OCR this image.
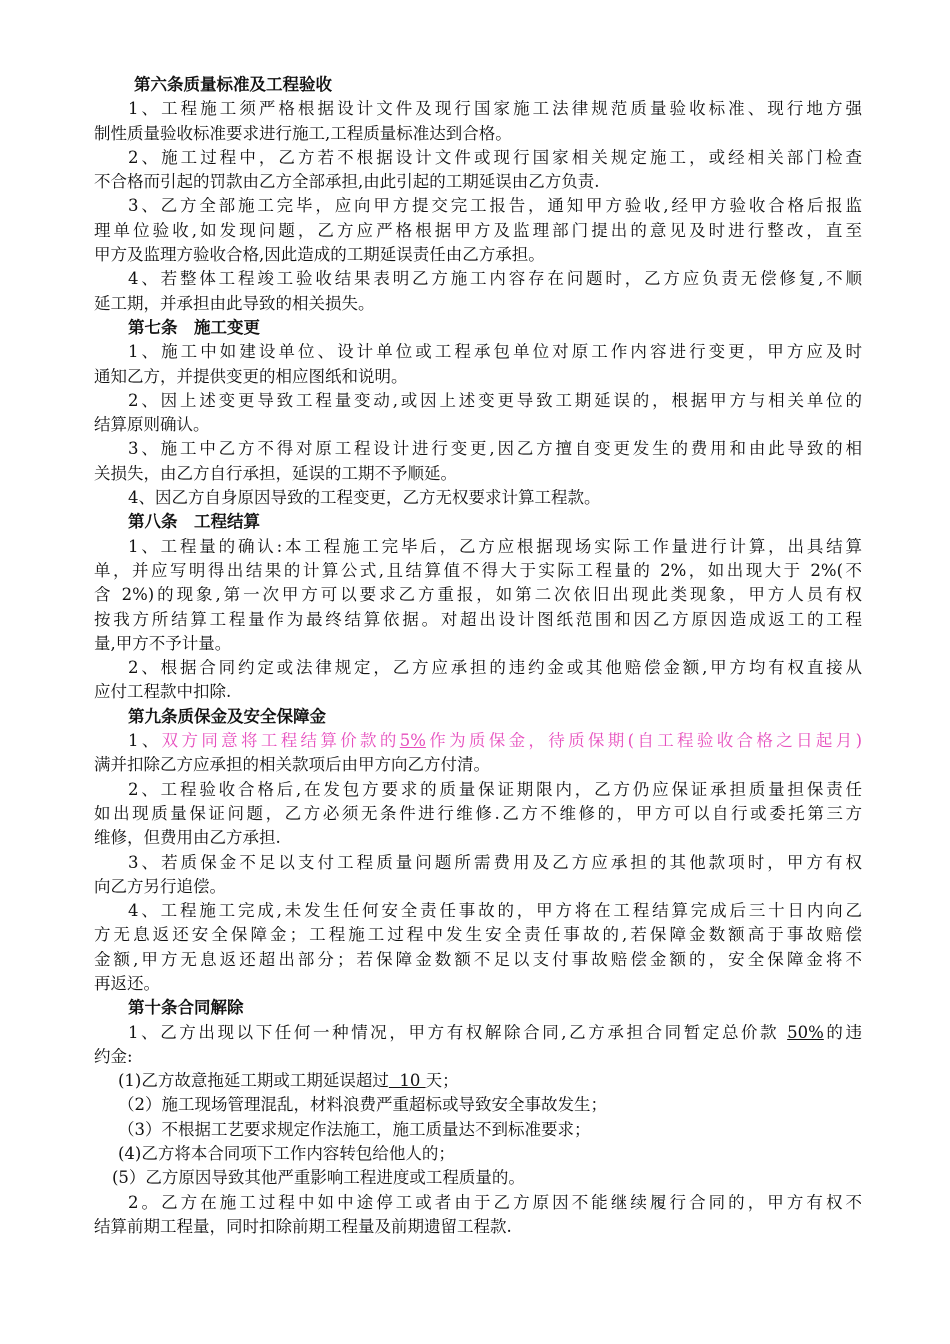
第六条质量标准及工程验收
1、工程施工须严格根据设计文件及现行国家施工法律规范质量验收标准、现行地方强
制性质量验收标准要求进行施工,工程质量标准达到合格。
2、施工过程中，乙方若不根据设计文件或现行国家相关规定施工，或经相关部门检查
不合格而引起的罚款由乙方全部承担,由此引起的工期延误由乙方负责.
3、乙方全部施工完毕，应向甲方提交完工报告，通知甲方验收,经甲方验收合格后报监
理单位验收,如发现问题，乙方应严格根据甲方及监理部门提出的意见及时进行整改，直至
甲方及监理方验收合格,因此造成的工期延误责任由乙方承担。
4、若整体工程竣工验收结果表明乙方施工内容存在问题时，乙方应负责无偿修复,不顺
延工期，并承担由此导致的相关损失。
第七条　施工变更
1、施工中如建设单位、设计单位或工程承包单位对原工作内容进行变更，甲方应及时
通知乙方，并提供变更的相应图纸和说明。
2、因上述变更导致工程量变动,或因上述变更导致工期延误的，根据甲方与相关单位的
结算原则确认。
3、施工中乙方不得对原工程设计进行变更,因乙方擅自变更发生的费用和由此导致的相
关损失，由乙方自行承担，延误的工期不予顺延。
4、因乙方自身原因导致的工程变更，乙方无权要求计算工程款。
第八条　工程结算
1、工程量的确认:本工程施工完毕后，乙方应根据现场实际工作量进行计算，出具结算
单，并应写明得出结果的计算公式,且结算值不得大于实际工程量的 2%，如出现大于 2%(不
含 2%)的现象,第一次甲方可以要求乙方重报，如第二次依旧出现此类现象，甲方人员有权
按我方所结算工程量作为最终结算依据。对超出设计图纸范围和因乙方原因造成返工的工程
量,甲方不予计量。
2、根据合同约定或法律规定，乙方应承担的违约金或其他赔偿金额,甲方均有权直接从
应付工程款中扣除.
第九条质保金及安全保障金
1、双方同意将工程结算价款的5%作为质保金，待质保期(自工程验收合格之日起月)
满并扣除乙方应承担的相关款项后由甲方向乙方付清。
2、工程验收合格后,在发包方要求的质量保证期限内，乙方仍应保证承担质量担保责任
如出现质量保证问题，乙方必须无条件进行维修.乙方不维修的，甲方可以自行或委托第三方
维修，但费用由乙方承担.
3、若质保金不足以支付工程质量问题所需费用及乙方应承担的其他款项时，甲方有权
向乙方另行追偿。
4、工程施工完成,未发生任何安全责任事故的，甲方将在工程结算完成后三十日内向乙
方无息返还安全保障金；工程施工过程中发生安全责任事故的,若保障金数额高于事故赔偿
金额,甲方无息返还超出部分；若保障金数额不足以支付事故赔偿金额的，安全保障金将不
再返还。
第十条合同解除
1、乙方出现以下任何一种情况，甲方有权解除合同,乙方承担合同暂定总价款 50%的违
约金:
(1)乙方故意拖延工期或工期延误超过  10 天；
（2）施工现场管理混乱，材料浪费严重超标或导致安全事故发生；
（3）不根据工艺要求规定作法施工，施工质量达不到标准要求；
(4)乙方将本合同项下工作内容转包给他人的；
(5）乙方原因导致其他严重影响工程进度或工程质量的。
2。乙方在施工过程中如中途停工或者由于乙方原因不能继续履行合同的，甲方有权不
结算前期工程量，同时扣除前期工程量及前期遗留工程款.
